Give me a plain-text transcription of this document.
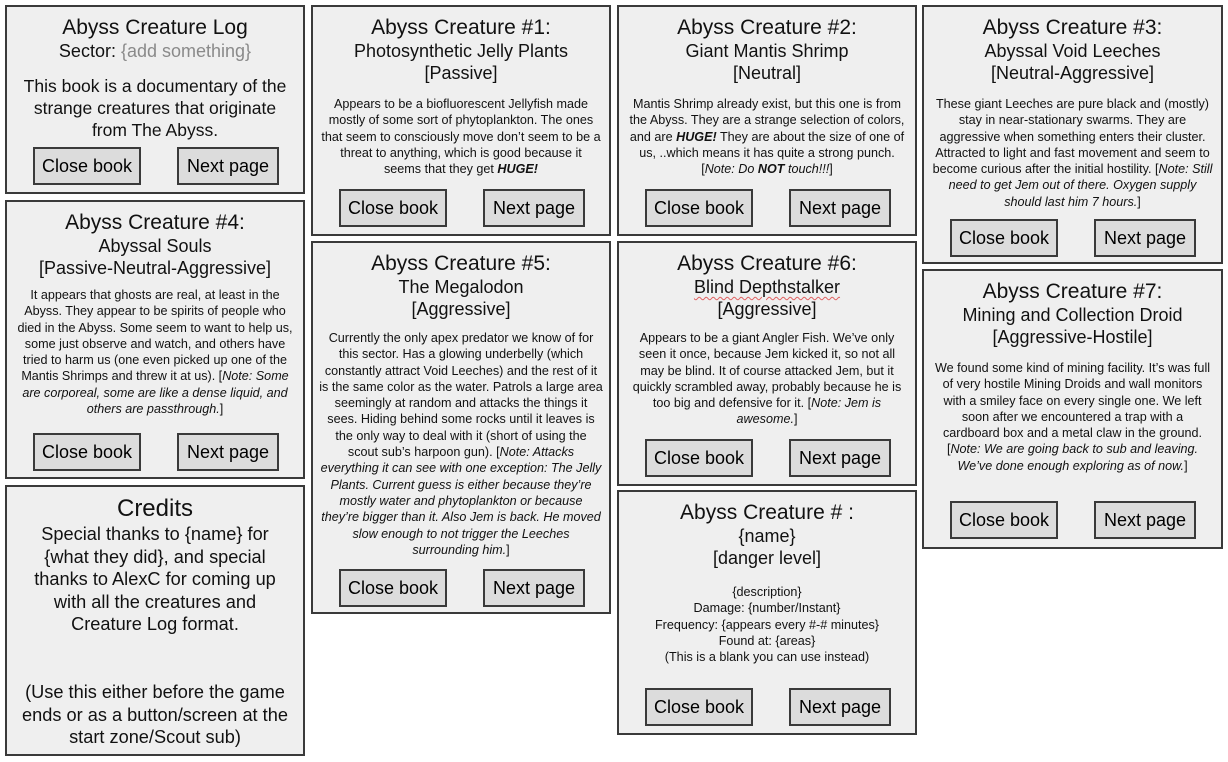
Abyss Creature Log
Sector: {add something}
This book is a documentary of the strange creatures that originate from The Abyss.
Close book	Next page
Abyss Creature #4:
Abyssal Souls
[Passive-Neutral-Aggressive]
It appears that ghosts are real, at least in the Abyss. They appear to be spirits of people who died in the Abyss. Some seem to want to help us, some just observe and watch, and others have tried to harm us (one even picked up one of the Mantis Shrimps and threw it at us). [Note: Some are corporeal, some are like a dense liquid, and others are passthrough.]
Close book	Next page
Credits
Special thanks to {name} for {what they did}, and special thanks to AlexC for coming up with all the creatures and Creature Log format.
(Use this either before the game ends or as a button/screen at the start zone/Scout sub)
Abyss Creature #1:
Photosynthetic Jelly Plants
[Passive]
Appears to be a biofluorescent Jellyfish made mostly of some sort of phytoplankton. The ones that seem to consciously move don’t seem to be a threat to anything, which is good because it seems that they get HUGE!
Close book	Next page
Abyss Creature #5:
The Megalodon
[Aggressive]
Currently the only apex predator we know of for this sector. Has a glowing underbelly (which constantly attract Void Leeches) and the rest of it is the same color as the water. Patrols a large area seemingly at random and attacks the things it sees. Hiding behind some rocks until it leaves is the only way to deal with it (short of using the scout sub’s harpoon gun). [Note: Attacks everything it can see with one exception: The Jelly Plants. Current guess is either because they’re mostly water and phytoplankton or because they’re bigger than it. Also Jem is back. He moved slow enough to not trigger the Leeches surrounding him.]
Close book	Next page
Abyss Creature #2:
Giant Mantis Shrimp
[Neutral]
Mantis Shrimp already exist, but this one is from the Abyss. They are a strange selection of colors, and are HUGE! They are about the size of one of us, ..which means it has quite a strong punch. [Note: Do NOT touch!!!]
Close book	Next page
Abyss Creature #6:
Blind Depthstalker
[Aggressive]
Appears to be a giant Angler Fish. We’ve only seen it once, because Jem kicked it, so not all may be blind. It of course attacked Jem, but it quickly scrambled away, probably because he is too big and defensive for it. [Note: Jem is awesome.]
Close book	Next page
Abyss Creature # :
{name}
[danger level]
{description}
Damage: {number/Instant}
Frequency: {appears every #-# minutes}
Found at: {areas}
(This is a blank you can use instead)
Close book	Next page
Abyss Creature #3:
Abyssal Void Leeches
[Neutral-Aggressive]
These giant Leeches are pure black and (mostly) stay in near-stationary swarms. They are aggressive when something enters their cluster. Attracted to light and fast movement and seem to become curious after the initial hostility. [Note: Still need to get Jem out of there. Oxygen supply should last him 7 hours.]
Close book	Next page
Abyss Creature #7:
Mining and Collection Droid
[Aggressive-Hostile]
We found some kind of mining facility. It’s was full of very hostile Mining Droids and wall monitors with a smiley face on every single one. We left soon after we encountered a trap with a cardboard box and a metal claw in the ground. [Note: We are going back to sub and leaving. We’ve done enough exploring as of now.]
Close book	Next page
